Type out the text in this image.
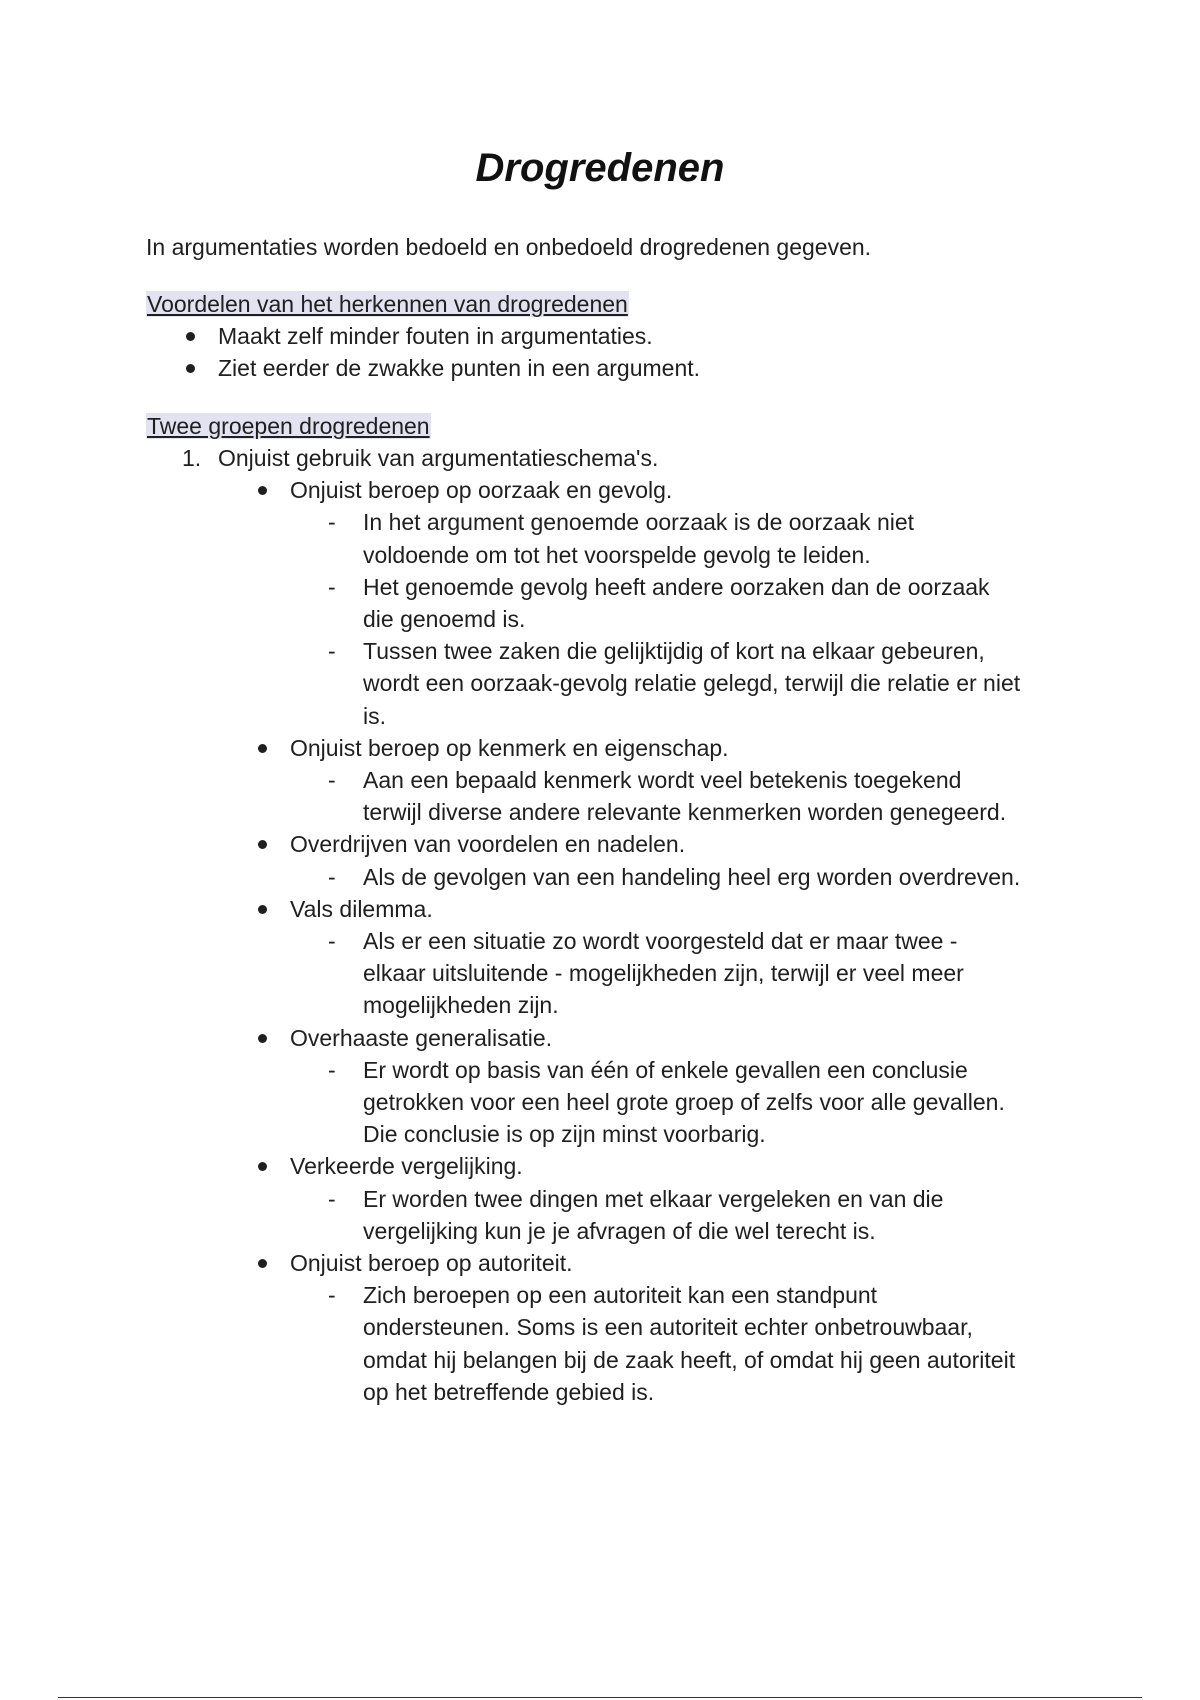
Drogredenen

In argumentaties worden bedoeld en onbedoeld drogredenen gegeven.

Voordelen van het herkennen van drogredenen
Maakt zelf minder fouten in argumentaties.
Ziet eerder de zwakke punten in een argument.
Twee groepen drogredenen
1. Onjuist gebruik van argumentatieschema's.
Onjuist beroep op oorzaak en gevolg.
- In het argument genoemde oorzaak is de oorzaak niet
voldoende om tot het voorspelde gevolg te leiden.
- Het genoemde gevolg heeft andere oorzaken dan de oorzaak
die genoemd is.
- Tussen twee zaken die gelijktijdig of kort na elkaar gebeuren,
wordt een oorzaak-gevolg relatie gelegd, terwijl die relatie er niet
is.
Onjuist beroep op kenmerk en eigenschap.
- Aan een bepaald kenmerk wordt veel betekenis toegekend
terwijl diverse andere relevante kenmerken worden genegeerd.
Overdrijven van voordelen en nadelen.
- Als de gevolgen van een handeling heel erg worden overdreven.
Vals dilemma.
- Als er een situatie zo wordt voorgesteld dat er maar twee -
elkaar uitsluitende - mogelijkheden zijn, terwijl er veel meer
mogelijkheden zijn.
Overhaaste generalisatie.
- Er wordt op basis van één of enkele gevallen een conclusie
getrokken voor een heel grote groep of zelfs voor alle gevallen.
Die conclusie is op zijn minst voorbarig.
Verkeerde vergelijking.
- Er worden twee dingen met elkaar vergeleken en van die
vergelijking kun je je afvragen of die wel terecht is.
Onjuist beroep op autoriteit.
- Zich beroepen op een autoriteit kan een standpunt
ondersteunen. Soms is een autoriteit echter onbetrouwbaar,
omdat hij belangen bij de zaak heeft, of omdat hij geen autoriteit
op het betreffende gebied is.
